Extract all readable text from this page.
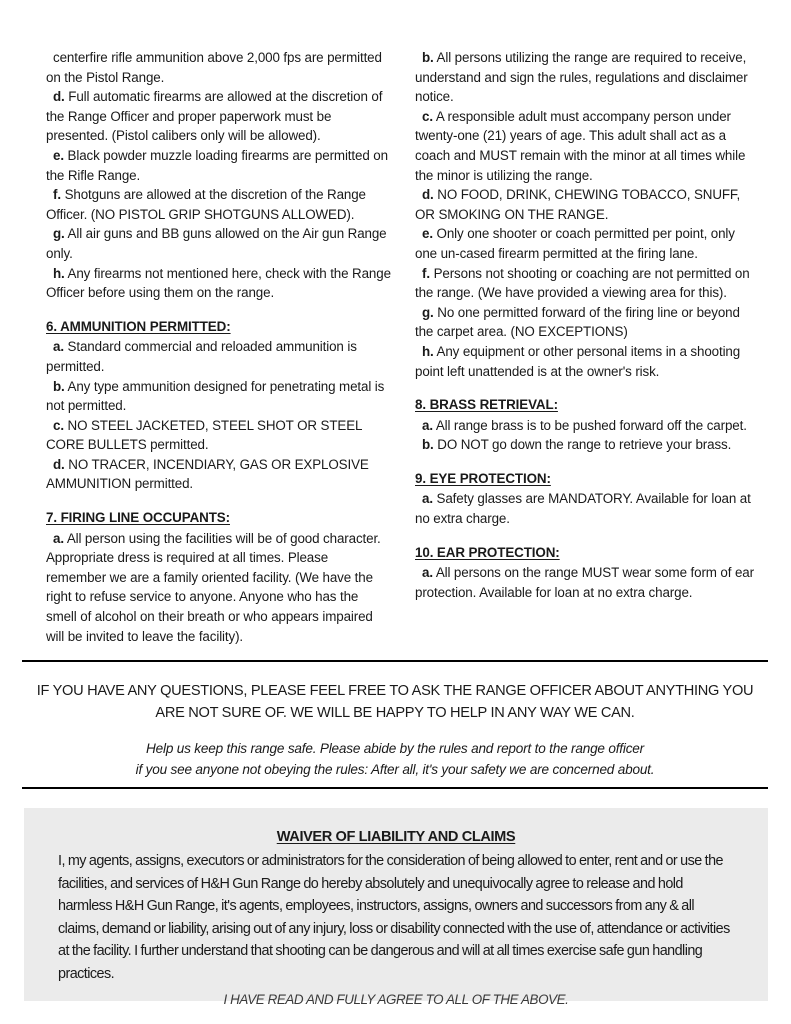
centerfire rifle ammunition above 2,000 fps are permitted on the Pistol Range.

d. Full automatic firearms are allowed at the discretion of the Range Officer and proper paperwork must be presented. (Pistol calibers only will be allowed).

e. Black powder muzzle loading firearms are permitted on the Rifle Range.

f. Shotguns are allowed at the discretion of the Range Officer. (NO PISTOL GRIP SHOTGUNS ALLOWED).

g. All air guns and BB guns allowed on the Air gun Range only.

h. Any firearms not mentioned here, check with the Range Officer before using them on the range.

6. AMMUNITION PERMITTED:

a. Standard commercial and reloaded ammunition is permitted.

b. Any type ammunition designed for penetrating metal is not permitted.

c. NO STEEL JACKETED, STEEL SHOT OR STEEL CORE BULLETS permitted.

d. NO TRACER, INCENDIARY, GAS OR EXPLOSIVE AMMUNITION permitted.

7. FIRING LINE OCCUPANTS:

a. All person using the facilities will be of good character. Appropriate dress is required at all times. Please remember we are a family oriented facility. (We have the right to refuse service to anyone. Anyone who has the smell of alcohol on their breath or who appears impaired will be invited to leave the facility).

b. All persons utilizing the range are required to receive, understand and sign the rules, regulations and disclaimer notice.

c. A responsible adult must accompany person under twenty-one (21) years of age. This adult shall act as a coach and MUST remain with the minor at all times while the minor is utilizing the range.

d. NO FOOD, DRINK, CHEWING TOBACCO, SNUFF, OR SMOKING ON THE RANGE.

e. Only one shooter or coach permitted per point, only one un-cased firearm permitted at the firing lane.

f. Persons not shooting or coaching are not permitted on the range. (We have provided a viewing area for this).

g. No one permitted forward of the firing line or beyond the carpet area. (NO EXCEPTIONS)

h. Any equipment or other personal items in a shooting point left unattended is at the owner's risk.

8. BRASS RETRIEVAL:

a. All range brass is to be pushed forward off the carpet.

b. DO NOT go down the range to retrieve your brass.

9. EYE PROTECTION:

a. Safety glasses are MANDATORY. Available for loan at no extra charge.

10. EAR PROTECTION:

a. All persons on the range MUST wear some form of ear protection. Available for loan at no extra charge.

IF YOU HAVE ANY QUESTIONS, PLEASE FEEL FREE TO ASK THE RANGE OFFICER ABOUT ANYTHING YOU ARE NOT SURE OF. WE WILL BE HAPPY TO HELP IN ANY WAY WE CAN.

Help us keep this range safe. Please abide by the rules and report to the range officer
if you see anyone not obeying the rules: After all, it's your safety we are concerned about.

WAIVER OF LIABILITY AND CLAIMS

I, my agents, assigns, executors or administrators for the consideration of being allowed to enter, rent and or use the facilities, and services of H&H Gun Range do hereby absolutely and unequivocally agree to release and hold harmless H&H Gun Range, it's agents, employees, instructors, assigns, owners and successors from any & all claims, demand or liability, arising out of any injury, loss or disability connected with the use of, attendance or activities at the facility. I further understand that shooting can be dangerous and will at all times exercise safe gun handling practices.

I HAVE READ AND FULLY AGREE TO ALL OF THE ABOVE.
